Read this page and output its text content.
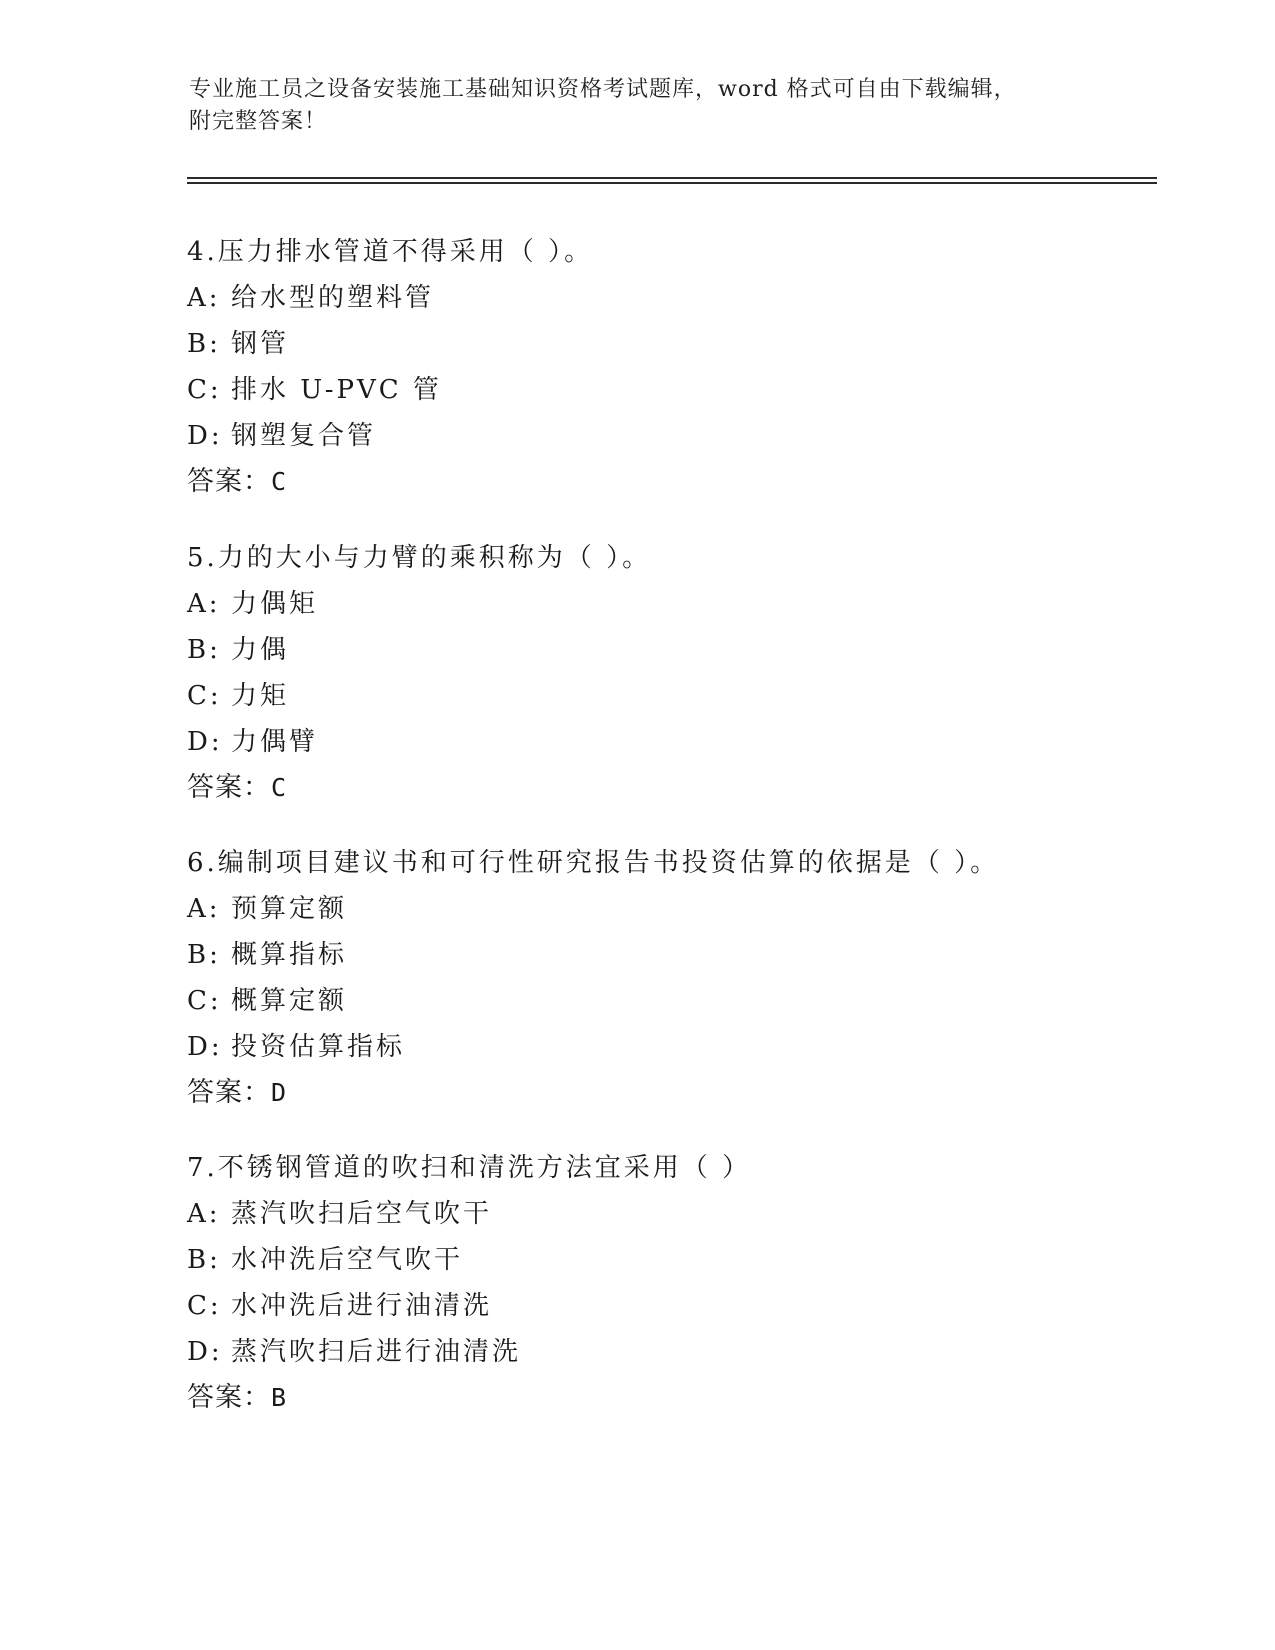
专业施工员之设备安装施工基础知识资格考试题库，word 格式可自由下载编辑，
附完整答案！
4.压力排水管道不得采用（ ）。
A: 给水型的塑料管
B: 钢管
C: 排水 U-PVC 管
D: 钢塑复合管
答案：C
5.力的大小与力臂的乘积称为（ ）。
A: 力偶矩
B: 力偶
C: 力矩
D: 力偶臂
答案：C
6.编制项目建议书和可行性研究报告书投资估算的依据是（ ）。
A: 预算定额
B: 概算指标
C: 概算定额
D: 投资估算指标
答案：D
7.不锈钢管道的吹扫和清洗方法宜采用（ ）
A: 蒸汽吹扫后空气吹干
B: 水冲洗后空气吹干
C: 水冲洗后进行油清洗
D: 蒸汽吹扫后进行油清洗
答案：B
